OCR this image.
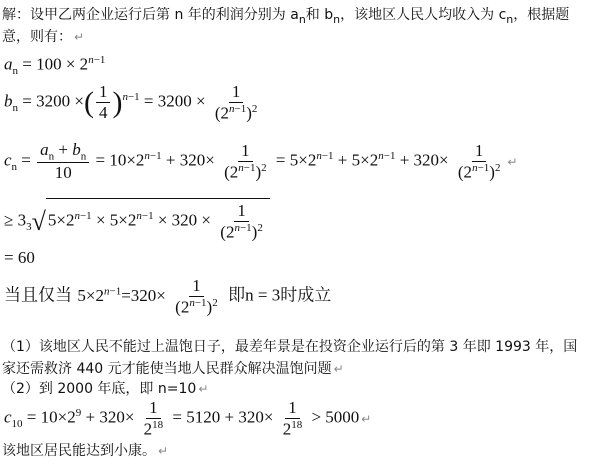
解：设甲乙两企业运行后第 n 年的利润分别为 $a_n$和 $b_n$，该地区人民人均收入为 $c_n$，根据题
意，则有： ↵
$a_n = 100 \times 2^{n-1}$
$b_n = 3200$ ×( $\frac{1}{4} )^{n-1} = 3200 \times \frac{1}{(2^{n-1})^2}$
$c_n = \frac{a_n + b_n}{10} = 10\times 2^{n-1} + 320\times \frac{1}{(2^{n-1})^2} = 5\times 2^{n-1} + 5\times 2^{n-1} + 320\times \frac{1}{(2^{n-1})^2}$ ↵
≥ $3_3√$ $5\times 2^{n-1} \times 5\times 2^{n-1} \times 320 \times \frac{1}{(2^{n-1})^2}$
= 60
当且仅当 $5\times 2^{n-1}=320\times \frac{1}{(2^{n-1})^2}$ 即n = 3时成立
（1）该地区人民不能过上温饱日子，最差年景是在投资企业运行后的第 3 年即 1993 年，国
家还需救济 440 元才能使当地人民群众解决温饱问题 ↵
（2）到 2000 年底，即 n=10 ↵
$c_{10} = 10\times 2^9 + 320\times \frac{1}{2^{18}} = 5120 + 320\times \frac{1}{2^{18}} > 5000$ ↵
该地区居民能达到小康。 ↵
